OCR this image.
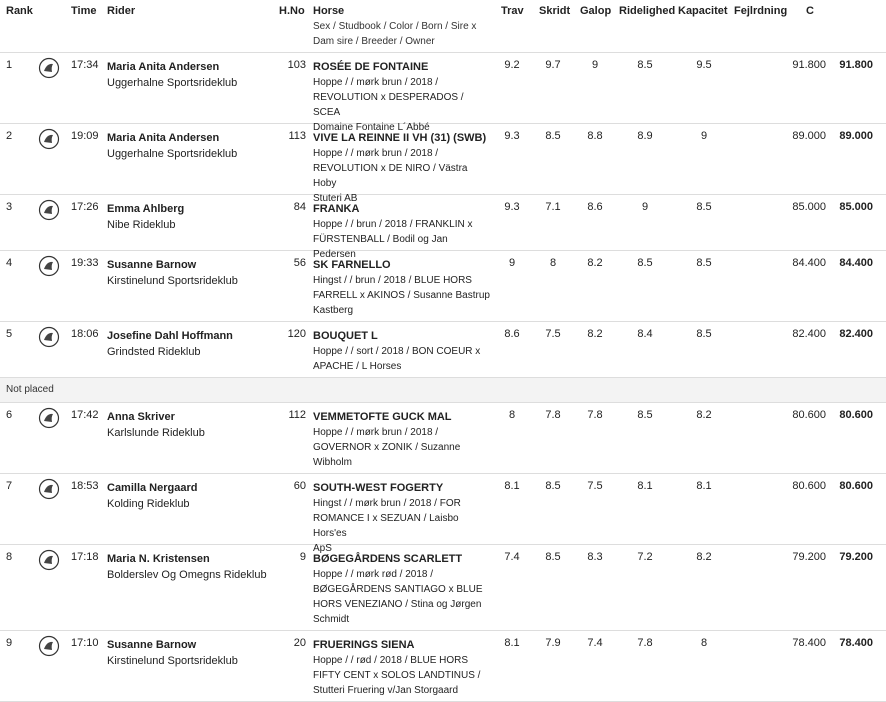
Rank	Time Rider	H.No Horse
Sex / Studbook / Color / Born / Sire x Dam sire / Breeder / Owner
Trav Skridt Galop Ridelighed Kapacitet Fejlrdning C
1	17:34 Maria Anita Andersen
Uggerhalne Sportsrideklub
103 ROSÉE DE FONTAINE
Hoppe / / mørk brun / 2018 /
REVOLUTION x DESPERADOS / SCEA
Domaine Fontaine L´Abbé
9.2	9.7	9	8.5	9.5	91.800	91.800
2	19:09 Maria Anita Andersen
Uggerhalne Sportsrideklub
113 VIVE LA REINNE II VH (31) (SWB)
Hoppe / / mørk brun / 2018 /
REVOLUTION x DE NIRO / Västra Hoby
Stuteri AB
9.3	8.5	8.8	8.9	9	89.000	89.000
3	17:26 Emma Ahlberg
Nibe Rideklub
84 FRANKA
Hoppe / / brun / 2018 / FRANKLIN x
FÜRSTENBALL / Bodil og Jan Pedersen
9.3	7.1	8.6	9	8.5	85.000	85.000
4	19:33 Susanne Barnow
Kirstinelund Sportsrideklub
56 SK FARNELLO
Hingst / / brun / 2018 / BLUE HORS
FARRELL x AKINOS / Susanne Bastrup
Kastberg
9	8	8.2	8.5	8.5	84.400	84.400
5	18:06 Josefine Dahl Hoffmann
Grindsted Rideklub
120 BOUQUET L
Hoppe / / sort / 2018 / BON COEUR x
APACHE / L Horses
8.6	7.5	8.2	8.4	8.5	82.400	82.400
Not placed
6	17:42 Anna Skriver
Karlslunde Rideklub
112 VEMMETOFTE GUCK MAL
Hoppe / / mørk brun / 2018 /
GOVERNOR x ZONIK / Suzanne
Wibholm
8	7.8	7.8	8.5	8.2	80.600	80.600
7	18:53 Camilla Nergaard
Kolding Rideklub
60 SOUTH-WEST FOGERTY
Hingst / / mørk brun / 2018 / FOR
ROMANCE I x SEZUAN / Laisbo Hors'es
ApS
8.1	8.5	7.5	8.1	8.1	80.600	80.600
8	17:18 Maria N. Kristensen
Bolderslev Og Omegns Rideklub
9 BØGEGÅRDENS SCARLETT
Hoppe / / mørk rød / 2018 /
BØGEGÅRDENS SANTIAGO x BLUE
HORS VENEZIANO / Stina og Jørgen
Schmidt
7.4	8.5	8.3	7.2	8.2	79.200	79.200
9	17:10 Susanne Barnow
Kirstinelund Sportsrideklub
20 FRUERINGS SIENA
Hoppe / / rød / 2018 / BLUE HORS
FIFTY CENT x SOLOS LANDTINUS /
Stutteri Fruering v/Jan Storgaard
8.1	7.9	7.4	7.8	8	78.400	78.400
